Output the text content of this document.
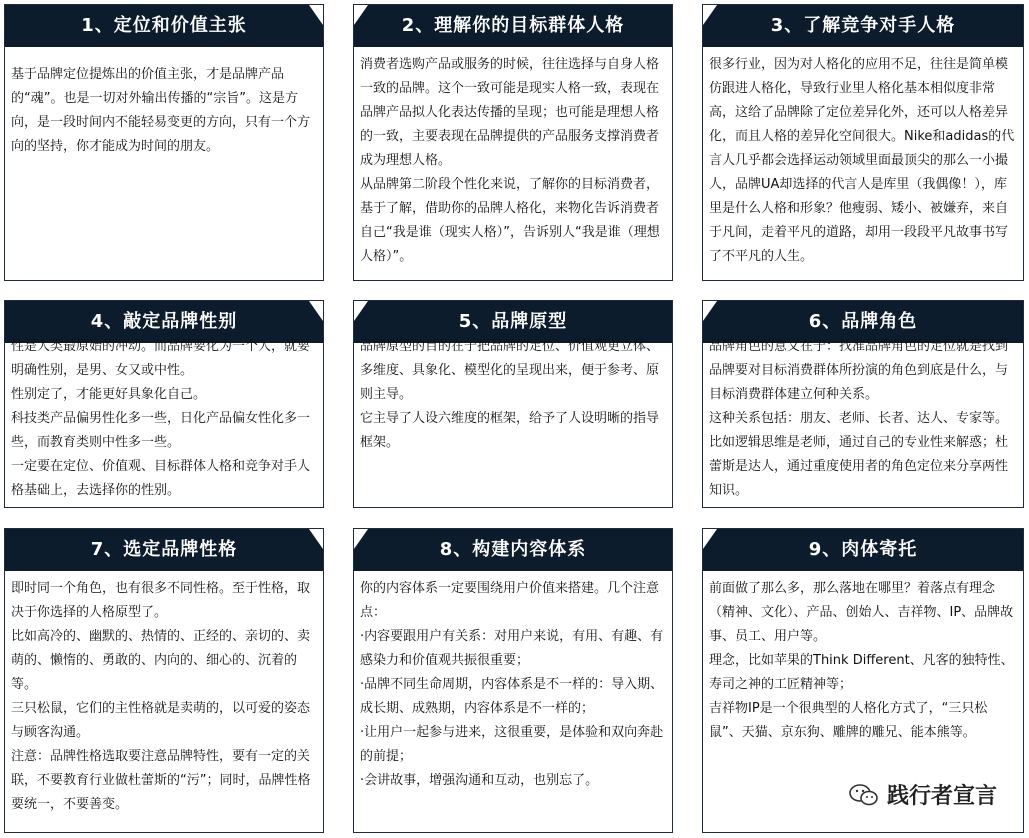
1、定位和价值主张

基于品牌定位提炼出的价值主张，才是品牌产品的“魂”。也是一切对外输出传播的“宗旨”。这是方向，是一段时间内不能轻易变更的方向，只有一个方向的坚持，你才能成为时间的朋友。

2、理解你的目标群体人格

消费者选购产品或服务的时候，往往选择与自身人格一致的品牌。这个一致可能是现实人格一致，表现在品牌产品拟人化表达传播的呈现；也可能是理想人格的一致，主要表现在品牌提供的产品服务支撑消费者成为理想人格。

从品牌第二阶段个性化来说，了解你的目标消费者，基于了解，借助你的品牌人格化，来物化告诉消费者自己“我是谁（现实人格）”，告诉别人“我是谁（理想人格）”。

3、了解竞争对手人格

很多行业，因为对人格化的应用不足，往往是简单模仿跟进人格化，导致行业里人格化基本相似度非常高，这给了品牌除了定位差异化外，还可以人格差异化，而且人格的差异化空间很大。Nike和adidas的代言人几乎都会选择运动领域里面最顶尖的那么一小撮人，品牌UA却选择的代言人是库里（我偶像！），库里是什么人格和形象？他瘦弱、矮小、被嫌弃，来自于凡间，走着平凡的道路，却用一段段平凡故事书写了不平凡的人生。

4、敲定品牌性别

性是人类最原始的冲动。而品牌要化为一个人，就要明确性别，是男、女又或中性。

性别定了，才能更好具象化自己。

科技类产品偏男性化多一些，日化产品偏女性化多一些，而教育类则中性多一些。

一定要在定位、价值观、目标群体人格和竞争对手人格基础上，去选择你的性别。

5、品牌原型

品牌原型的目的在于把品牌的定位、价值观更立体、多维度、具象化、模型化的呈现出来，便于参考、原则主导。

它主导了人设六维度的框架，给予了人设明晰的指导框架。

6、品牌角色

品牌角色的意义在于：找准品牌角色的定位就是找到品牌要对目标消费群体所扮演的角色到底是什么，与目标消费群体建立何种关系。

这种关系包括：朋友、老师、长者、达人、专家等。比如逻辑思维是老师，通过自己的专业性来解惑；杜蕾斯是达人，通过重度使用者的角色定位来分享两性知识。

7、选定品牌性格

即时同一个角色，也有很多不同性格。至于性格，取决于你选择的人格原型了。

比如高冷的、幽默的、热情的、正经的、亲切的、卖萌的、懒惰的、勇敢的、内向的、细心的、沉着的等。

三只松鼠，它们的主性格就是卖萌的，以可爱的姿态与顾客沟通。

注意：品牌性格选取要注意品牌特性，要有一定的关联，不要教育行业做杜蕾斯的“污”；同时，品牌性格要统一，不要善变。

8、构建内容体系

你的内容体系一定要围绕用户价值来搭建。几个注意点：

·内容要跟用户有关系：对用户来说，有用、有趣、有感染力和价值观共振很重要；

·品牌不同生命周期，内容体系是不一样的：导入期、成长期、成熟期，内容体系是不一样的；

·让用户一起参与进来，这很重要，是体验和双向奔赴的前提；

·会讲故事，增强沟通和互动，也别忘了。

9、肉体寄托

前面做了那么多，那么落地在哪里？着落点有理念（精神、文化）、产品、创始人、吉祥物、IP、品牌故事、员工、用户等。

理念，比如苹果的Think Different、凡客的独特性、寿司之神的工匠精神等；

吉祥物IP是一个很典型的人格化方式了，“三只松鼠”、天猫、京东狗、雕牌的雕兄、能本熊等。

践行者宣言
